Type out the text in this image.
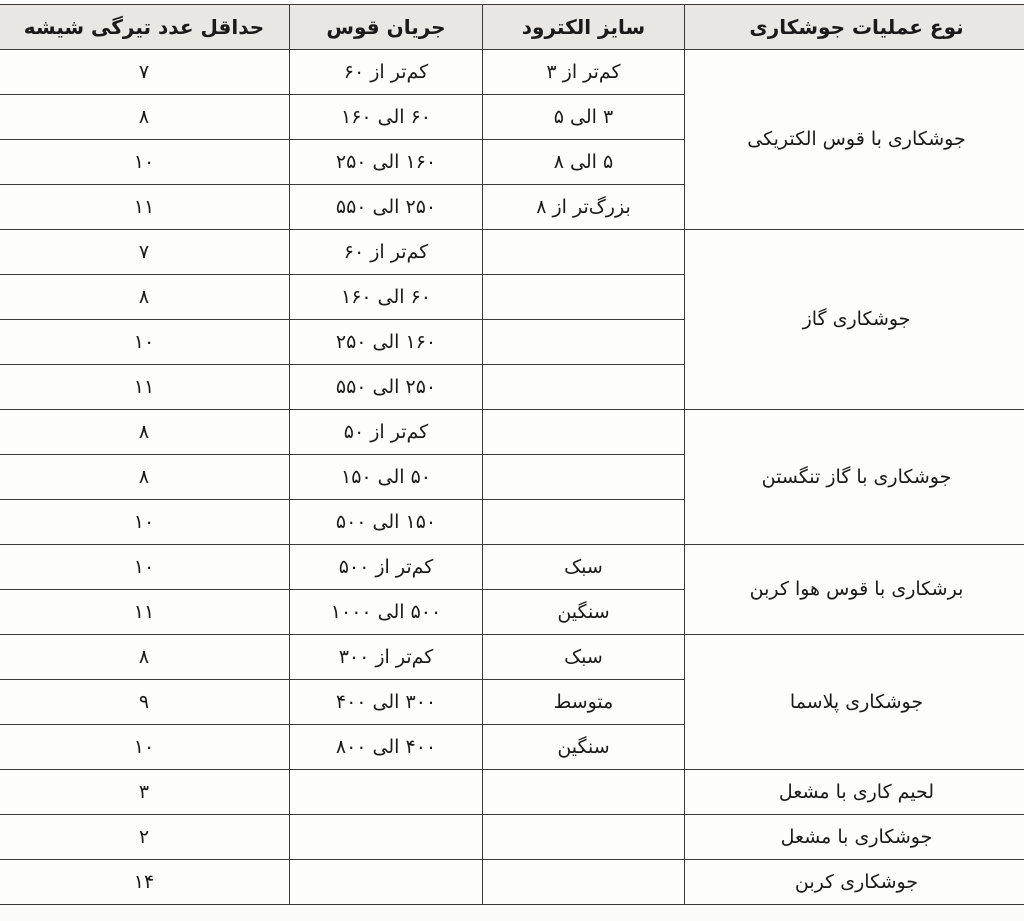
نوع عملیات جوشکاری	سایز الکترود	جریان قوس	حداقل عدد تیرگی شیشه
جوشکاری با قوس الکتریکی	کم‌تر از ۳	کم‌تر از ۶۰	۷
	۳ الی ۵	۶۰ الی ۱۶۰	۸
	۵ الی ۸	۱۶۰ الی ۲۵۰	۱۰
	بزرگ‌تر از ۸	۲۵۰ الی ۵۵۰	۱۱
جوشکاری گاز		کم‌تر از ۶۰	۷
		۶۰ الی ۱۶۰	۸
		۱۶۰ الی ۲۵۰	۱۰
		۲۵۰ الی ۵۵۰	۱۱
جوشکاری با گاز تنگستن		کم‌تر از ۵۰	۸
		۵۰ الی ۱۵۰	۸
		۱۵۰ الی ۵۰۰	۱۰
برشکاری با قوس هوا کربن	سبک	کم‌تر از ۵۰۰	۱۰
	سنگین	۵۰۰ الی ۱۰۰۰	۱۱
جوشکاری پلاسما	سبک	کم‌تر از ۳۰۰	۸
	متوسط	۳۰۰ الی ۴۰۰	۹
	سنگین	۴۰۰ الی ۸۰۰	۱۰
لحیم کاری با مشعل			۳
جوشکاری با مشعل			۲
جوشکاری کربن			۱۴
